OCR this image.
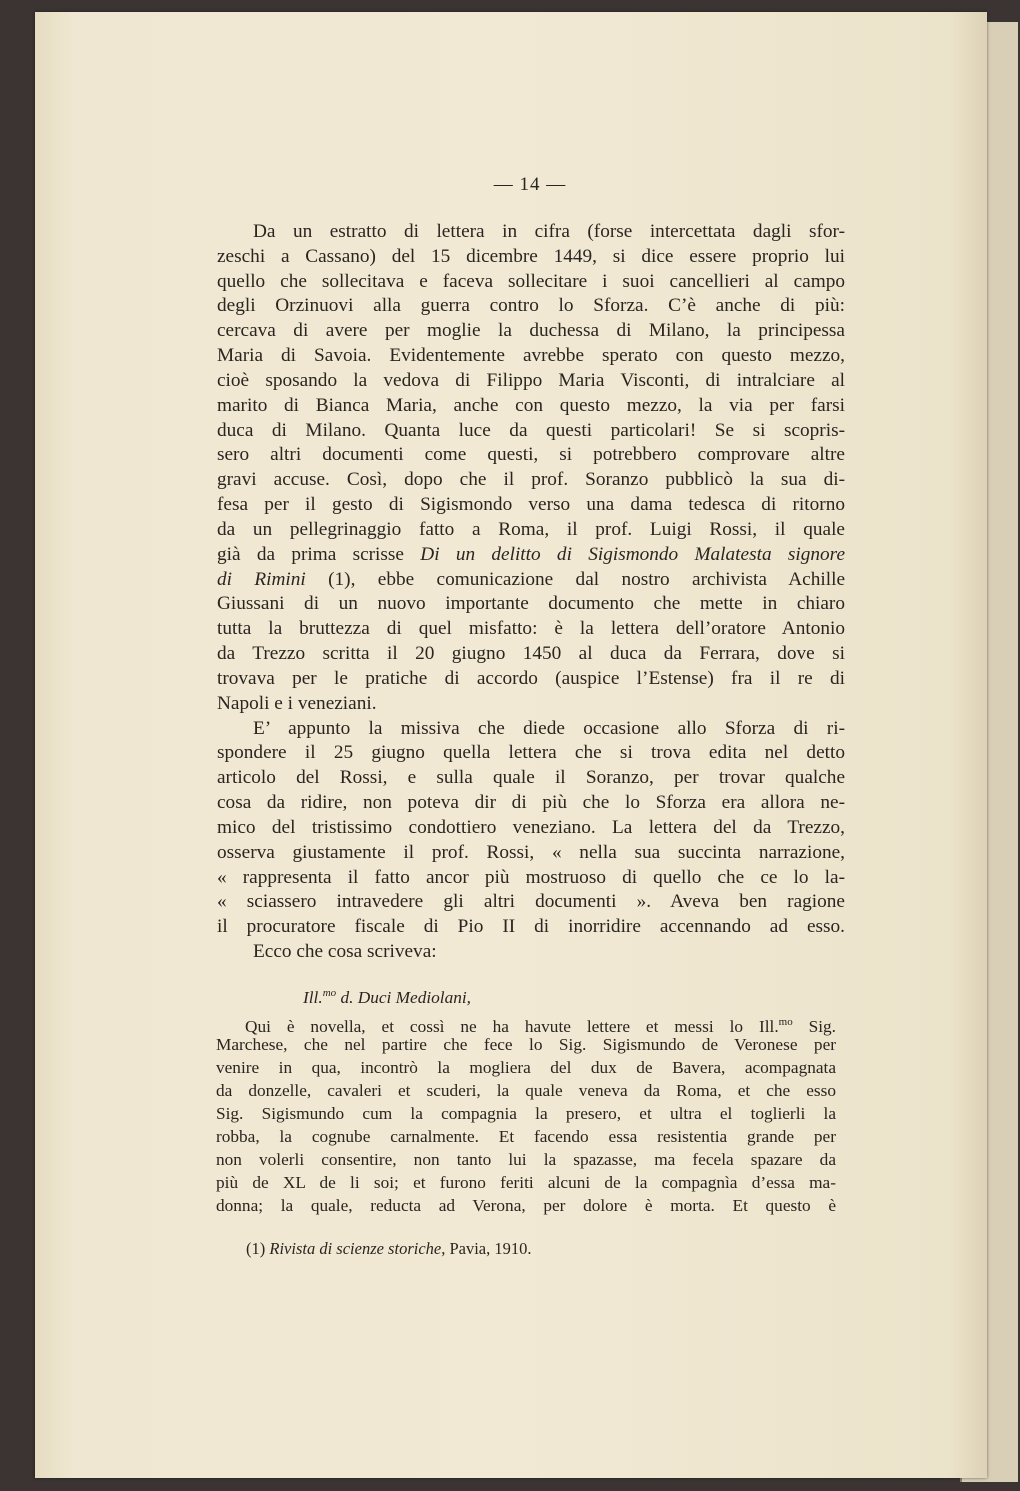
— 14 —
Da un estratto di lettera in cifra (forse intercettata dagli sfor-
zeschi a Cassano) del 15 dicembre 1449, si dice essere proprio lui
quello che sollecitava e faceva sollecitare i suoi cancellieri al campo
degli Orzinuovi alla guerra contro lo Sforza. C’è anche di più:
cercava di avere per moglie la duchessa di Milano, la principessa
Maria di Savoia. Evidentemente avrebbe sperato con questo mezzo,
cioè sposando la vedova di Filippo Maria Visconti, di intralciare al
marito di Bianca Maria, anche con questo mezzo, la via per farsi
duca di Milano. Quanta luce da questi particolari! Se si scopris-
sero altri documenti come questi, si potrebbero comprovare altre
gravi accuse. Così, dopo che il prof. Soranzo pubblicò la sua di-
fesa per il gesto di Sigismondo verso una dama tedesca di ritorno
da un pellegrinaggio fatto a Roma, il prof. Luigi Rossi, il quale
già da prima scrisse Di un delitto di Sigismondo Malatesta signore
di Rimini (1), ebbe comunicazione dal nostro archivista Achille
Giussani di un nuovo importante documento che mette in chiaro
tutta la bruttezza di quel misfatto: è la lettera dell’oratore Antonio
da Trezzo scritta il 20 giugno 1450 al duca da Ferrara, dove si
trovava per le pratiche di accordo (auspice l’Estense) fra il re di
Napoli e i veneziani.
E’ appunto la missiva che diede occasione allo Sforza di ri-
spondere il 25 giugno quella lettera che si trova edita nel detto
articolo del Rossi, e sulla quale il Soranzo, per trovar qualche
cosa da ridire, non poteva dir di più che lo Sforza era allora ne-
mico del tristissimo condottiero veneziano. La lettera del da Trezzo,
osserva giustamente il prof. Rossi, « nella sua succinta narrazione,
« rappresenta il fatto ancor più mostruoso di quello che ce lo la-
« sciassero intravedere gli altri documenti ». Aveva ben ragione
il procuratore fiscale di Pio II di inorridire accennando ad esso.
Ecco che cosa scriveva:
Ill.$^{mo}$ d. Duci Mediolani,
Qui è novella, et cossì ne ha havute lettere et messi lo Ill.$^{mo}$ Sig.
Marchese, che nel partire che fece lo Sig. Sigismundo de Veronese per
venire in qua, incontrò la mogliera del dux de Bavera, acompagnata
da donzelle, cavaleri et scuderi, la quale veneva da Roma, et che esso
Sig. Sigismundo cum la compagnia la presero, et ultra el toglierli la
robba, la cognube carnalmente. Et facendo essa resistentia grande per
non volerli consentire, non tanto lui la spazasse, ma fecela spazare da
più de XL de li soi; et furono feriti alcuni de la compagnìa d’essa ma-
donna; la quale, reducta ad Verona, per dolore è morta. Et questo è
(1) Rivista di scienze storiche, Pavia, 1910.
